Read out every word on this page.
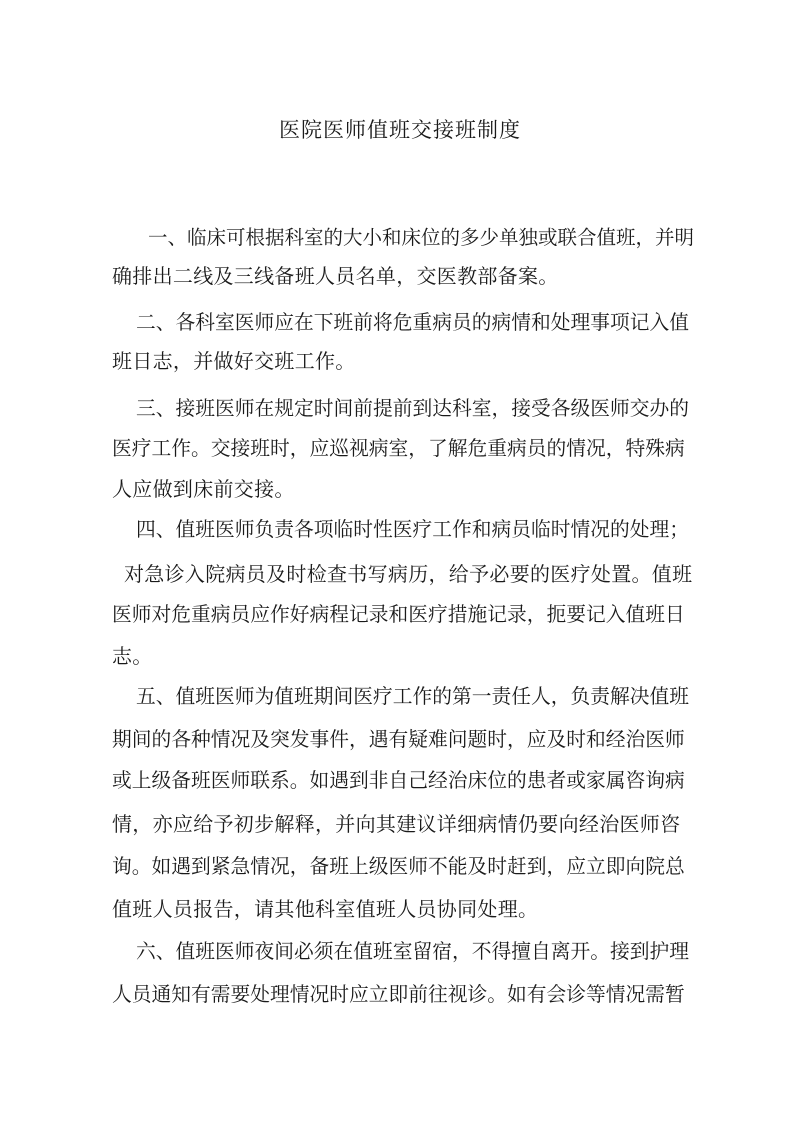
医院医师值班交接班制度
一、临床可根据科室的大小和床位的多少单独或联合值班，并明
确排出二线及三线备班人员名单，交医教部备案。
二、各科室医师应在下班前将危重病员的病情和处理事项记入值
班日志，并做好交班工作。
三、接班医师在规定时间前提前到达科室，接受各级医师交办的
医疗工作。交接班时，应巡视病室，了解危重病员的情况，特殊病
人应做到床前交接。
四、值班医师负责各项临时性医疗工作和病员临时情况的处理；
对急诊入院病员及时检查书写病历，给予必要的医疗处置。值班
医师对危重病员应作好病程记录和医疗措施记录，扼要记入值班日
志。
五、值班医师为值班期间医疗工作的第一责任人，负责解决值班
期间的各种情况及突发事件，遇有疑难问题时，应及时和经治医师
或上级备班医师联系。如遇到非自己经治床位的患者或家属咨询病
情，亦应给予初步解释，并向其建议详细病情仍要向经治医师咨
询。如遇到紧急情况，备班上级医师不能及时赶到，应立即向院总
值班人员报告，请其他科室值班人员协同处理。
六、值班医师夜间必须在值班室留宿，不得擅自离开。接到护理
人员通知有需要处理情况时应立即前往视诊。如有会诊等情况需暂
